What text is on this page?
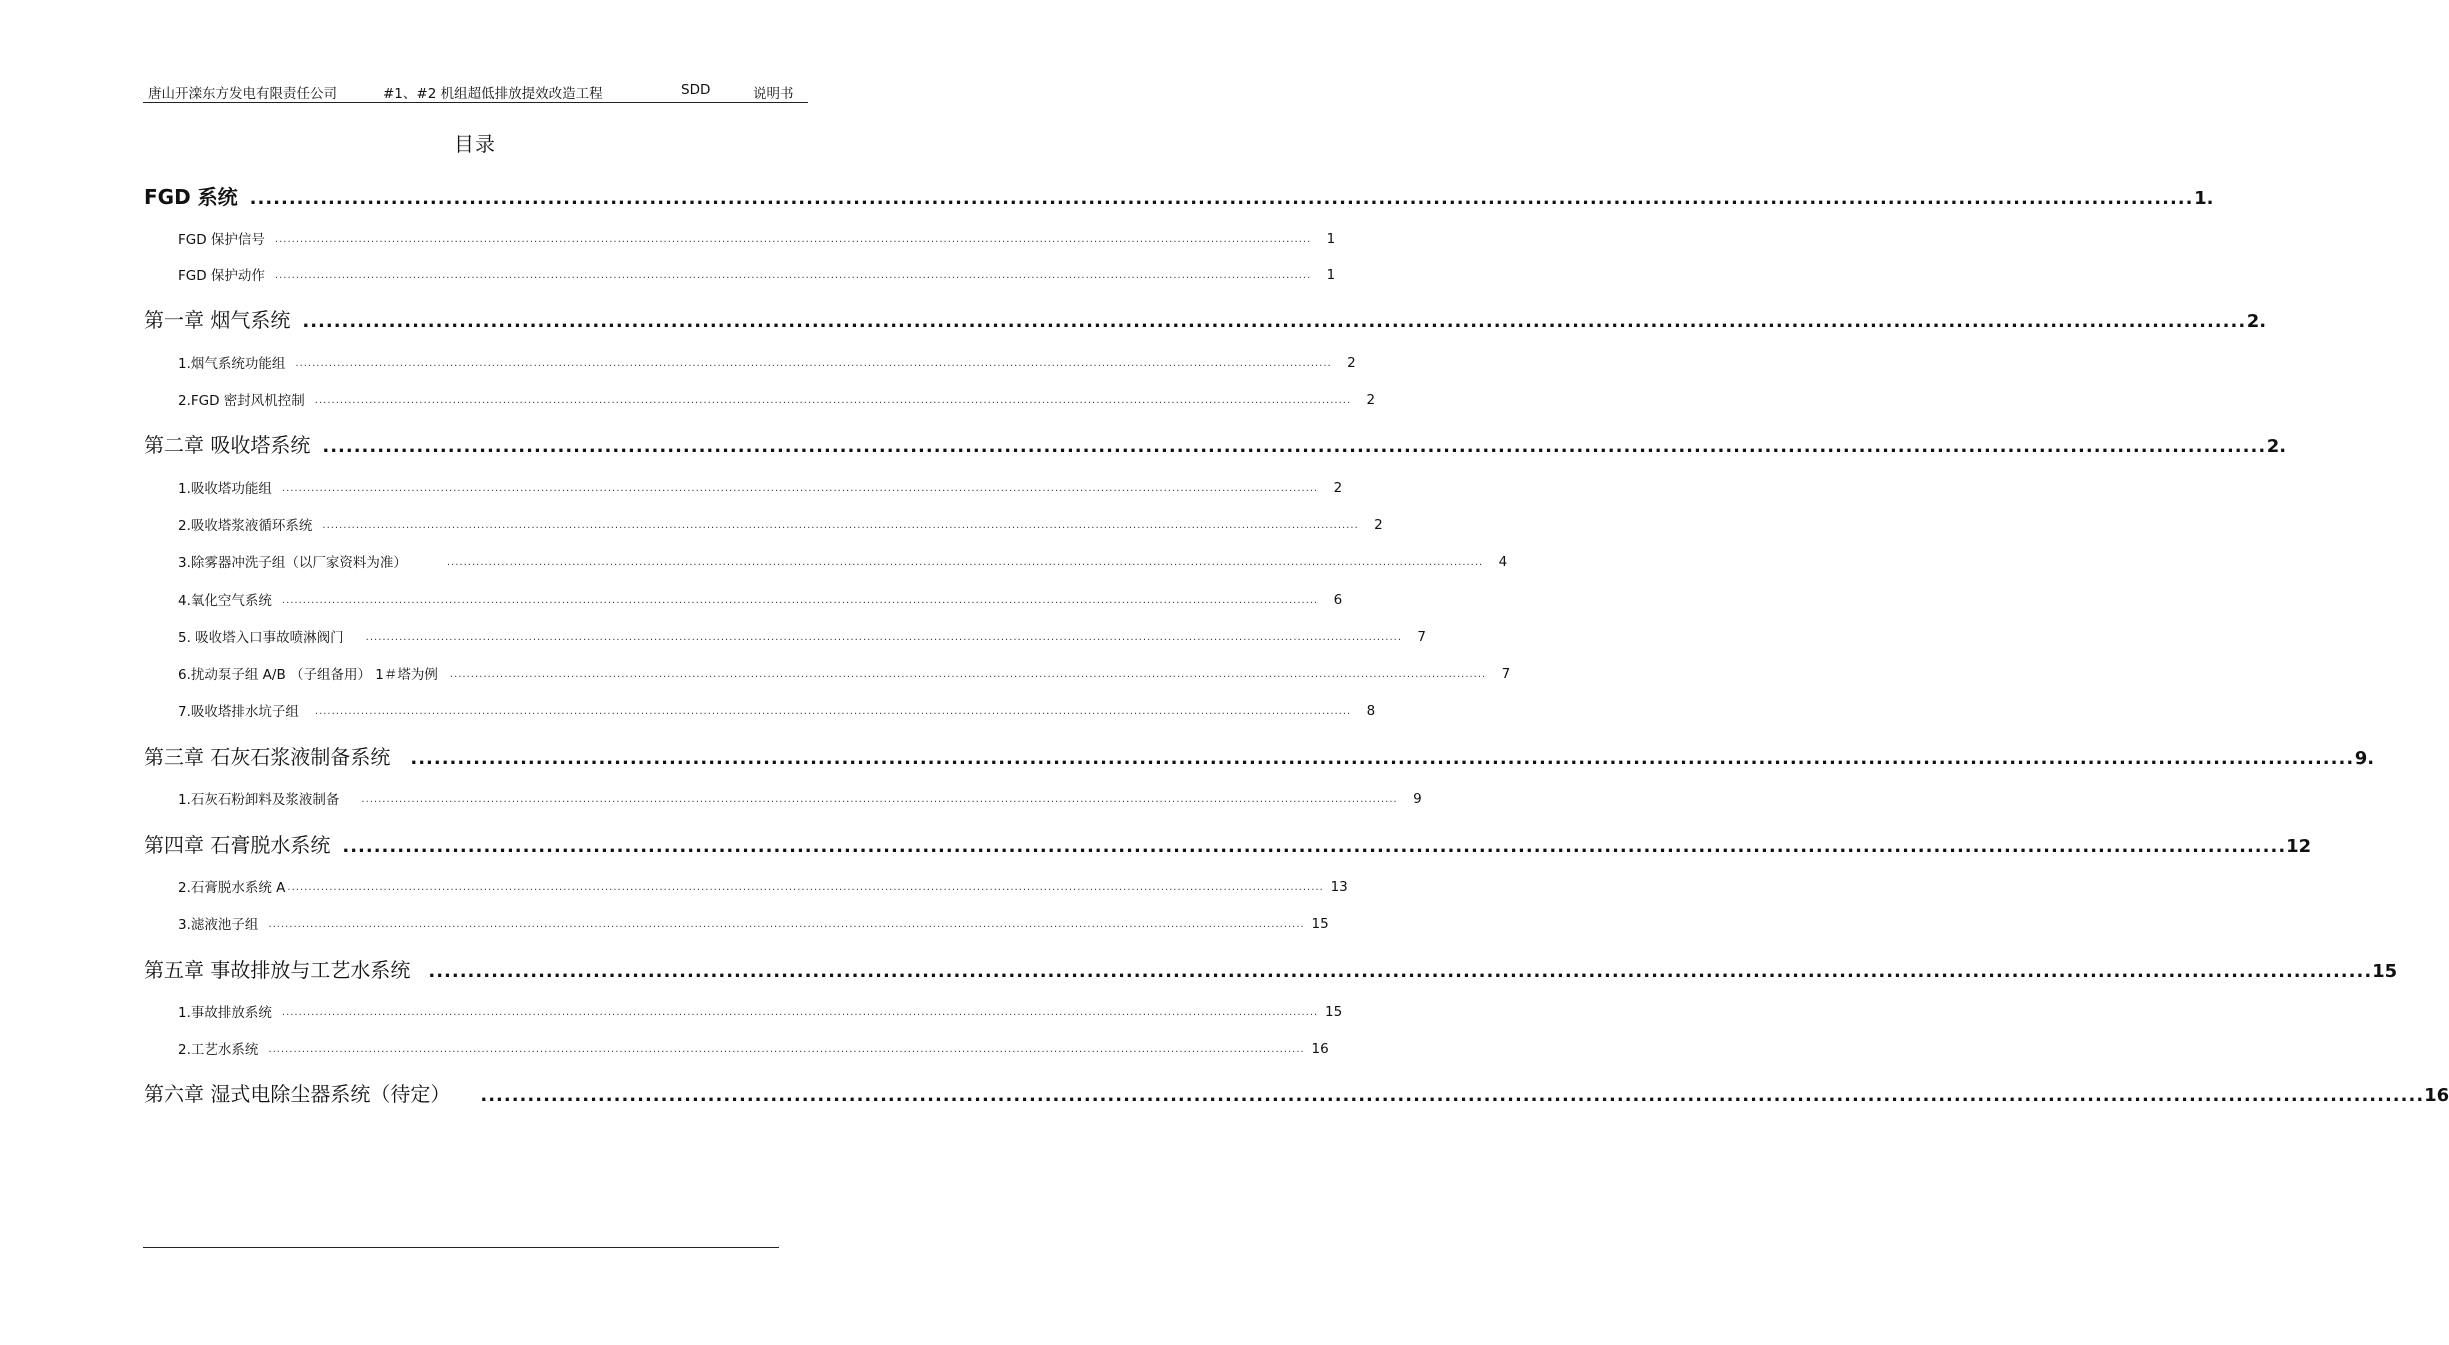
唐山开滦东方发电有限责任公司	#1、#2 机组超低排放提效改造工程	SDD	说明书
目录
FGD 系统 ........................................................................................................................................................................................................................................................ 1.
FGD 保护信号	........................................................................................................................................................................................................................................................	1
FGD 保护动作	........................................................................................................................................................................................................................................................	1
第一章 烟气系统 ........................................................................................................................................................................................................................................................ 2.
1.烟气系统功能组	........................................................................................................................................................................................................................................................	2
2.FGD 密封风机控制	........................................................................................................................................................................................................................................................	2
第二章 吸收塔系统 ........................................................................................................................................................................................................................................................ 2.
1.吸收塔功能组	........................................................................................................................................................................................................................................................	2
2.吸收塔浆液循环系统	........................................................................................................................................................................................................................................................	2
3.除雾器冲洗子组（以厂家资料为准）	........................................................................................................................................................................................................................................................	4
4.氧化空气系统	........................................................................................................................................................................................................................................................	6
5. 吸收塔入口事故喷淋阀门	........................................................................................................................................................................................................................................................	7
6.扰动泵子组 A/B （子组备用） 1＃塔为例	........................................................................................................................................................................................................................................................	7
7.吸收塔排水坑子组	........................................................................................................................................................................................................................................................	8
第三章 石灰石浆液制备系统	........................................................................................................................................................................................................................................................ 9.
1.石灰石粉卸料及浆液制备	........................................................................................................................................................................................................................................................	9
第四章 石膏脱水系统 ........................................................................................................................................................................................................................................................ 12
2.石膏脱水系统 A ........................................................................................................................................................................................................................................................ 13
3.滤液池子组	........................................................................................................................................................................................................................................................ 15
第五章 事故排放与工艺水系统	........................................................................................................................................................................................................................................................ 15
1.事故排放系统	........................................................................................................................................................................................................................................................ 15
2.工艺水系统	........................................................................................................................................................................................................................................................ 16
第六章 湿式电除尘器系统（待定）	........................................................................................................................................................................................................................................................ 16
